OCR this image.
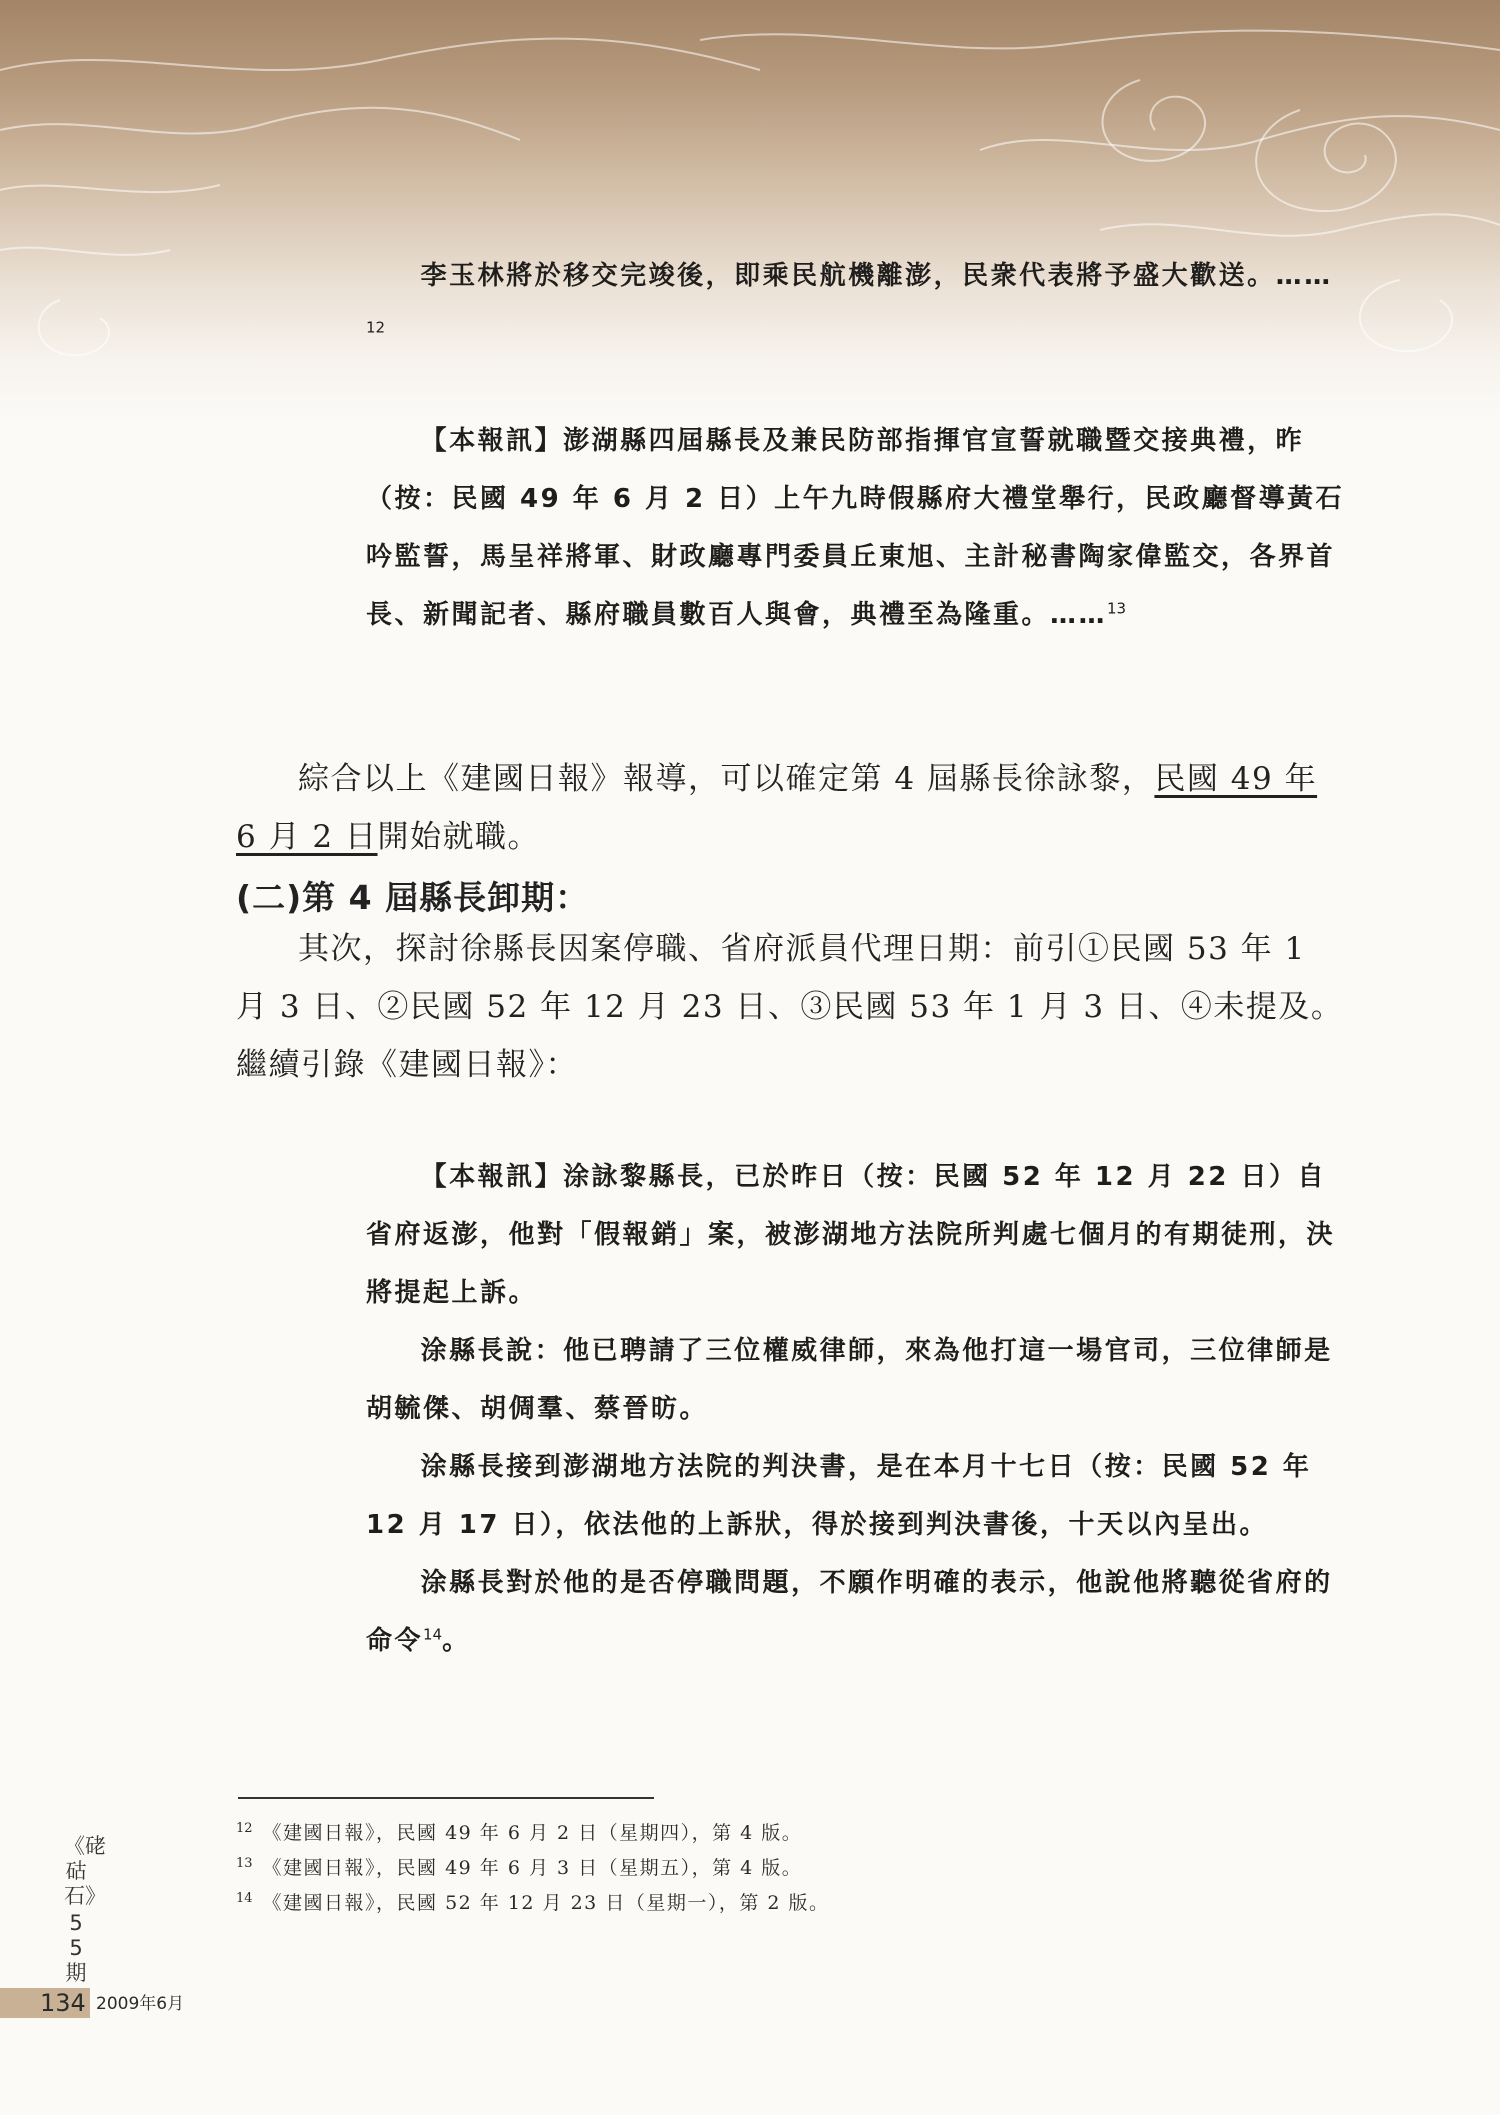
李玉林將於移交完竣後，即乘民航機離澎，民衆代表將予盛大歡送。……$^{12}$

【本報訊】澎湖縣四屆縣長及兼民防部指揮官宣誓就職暨交接典禮，昨（按：民國 49 年 6 月 2 日）上午九時假縣府大禮堂舉行，民政廳督導黃石吟監誓，馬呈祥將軍、財政廳專門委員丘東旭、主計秘書陶家偉監交，各界首長、新聞記者、縣府職員數百人與會，典禮至為隆重。……$^{13}$

綜合以上《建國日報》報導，可以確定第 4 屆縣長徐詠黎，民國 49 年 6 月 2 日開始就職。

(二)第 4 屆縣長卸期：

其次，探討徐縣長因案停職、省府派員代理日期：前引①民國 53 年 1 月 3 日、②民國 52 年 12 月 23 日、③民國 53 年 1 月 3 日、④未提及。繼續引錄《建國日報》：

【本報訊】涂詠黎縣長，已於昨日（按：民國 52 年 12 月 22 日）自省府返澎，他對「假報銷」案，被澎湖地方法院所判處七個月的有期徒刑，決將提起上訴。

涂縣長說：他已聘請了三位權威律師，來為他打這一場官司，三位律師是胡毓傑、胡倜羣、蔡晉昉。

涂縣長接到澎湖地方法院的判決書，是在本月十七日（按：民國 52 年 12 月 17 日），依法他的上訴狀，得於接到判決書後，十天以內呈出。

涂縣長對於他的是否停職問題，不願作明確的表示，他說他將聽從省府的命令$^{14}$。

$^{12}$ 《建國日報》，民國 49 年 6 月 2 日（星期四），第 4 版。
$^{13}$ 《建國日報》，民國 49 年 6 月 3 日（星期五），第 4 版。
$^{14}$ 《建國日報》，民國 52 年 12 月 23 日（星期一），第 2 版。
《硓𥑮石》
55
期
134 2009年6月
